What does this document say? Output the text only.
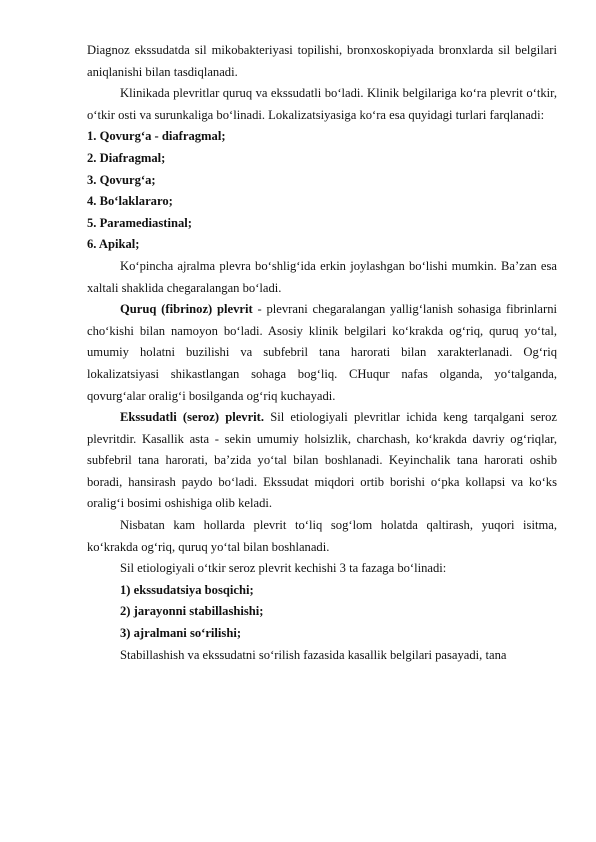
Diagnoz ekssudatda sil mikobakteriyasi topilishi, bronxoskopiyada bronxlarda sil belgilari aniqlanishi bilan tasdiqlanadi.

Klinikada plevritlar quruq va ekssudatli bo‘ladi. Klinik belgilariga ko‘ra plevrit o‘tkir, o‘tkir osti va surunkaliga bo‘linadi. Lokalizatsiyasiga ko‘ra esa quyidagi turlari farqlanadi:

1. Qovurg‘a - diafragmal;

2. Diafragmal;

3. Qovurg‘a;

4. Bo‘laklararo;

5. Paramediastinal;

6. Apikal;

Ko‘pincha ajralma plevra bo‘shlig‘ida erkin joylashgan bo‘lishi mumkin. Ba’zan esa xaltali shaklida chegaralangan bo‘ladi.

Quruq (fibrinoz) plevrit - plevrani chegaralangan yallig‘lanish sohasiga fibrinlarni cho‘kishi bilan namoyon bo‘ladi. Asosiy klinik belgilari ko‘krakda og‘riq, quruq yo‘tal, umumiy holatni buzilishi va subfebril tana harorati bilan xarakterlanadi. Og‘riq lokalizatsiyasi shikastlangan sohaga bog‘liq. CHuqur nafas olganda, yo‘talganda, qovurg‘alar oralig‘i bosilganda og‘riq kuchayadi.

Ekssudatli (seroz) plevrit. Sil etiologiyali plevritlar ichida keng tarqalgani seroz plevritdir. Kasallik asta - sekin umumiy holsizlik, charchash, ko‘krakda davriy og‘riqlar, subfebril tana harorati, ba’zida yo‘tal bilan boshlanadi. Keyinchalik tana harorati oshib boradi, hansirash paydo bo‘ladi. Ekssudat miqdori ortib borishi o‘pka kollapsi va ko‘ks oralig‘i bosimi oshishiga olib keladi.

Nisbatan kam hollarda plevrit to‘liq sog‘lom holatda qaltirash, yuqori isitma, ko‘krakda og‘riq, quruq yo‘tal bilan boshlanadi.

Sil etiologiyali o‘tkir seroz plevrit kechishi 3 ta fazaga bo‘linadi:

1) ekssudatsiya bosqichi;

2) jarayonni stabillashishi;

3) ajralmani so‘rilishi;

Stabillashish va ekssudatni so‘rilish fazasida kasallik belgilari pasayadi, tana
